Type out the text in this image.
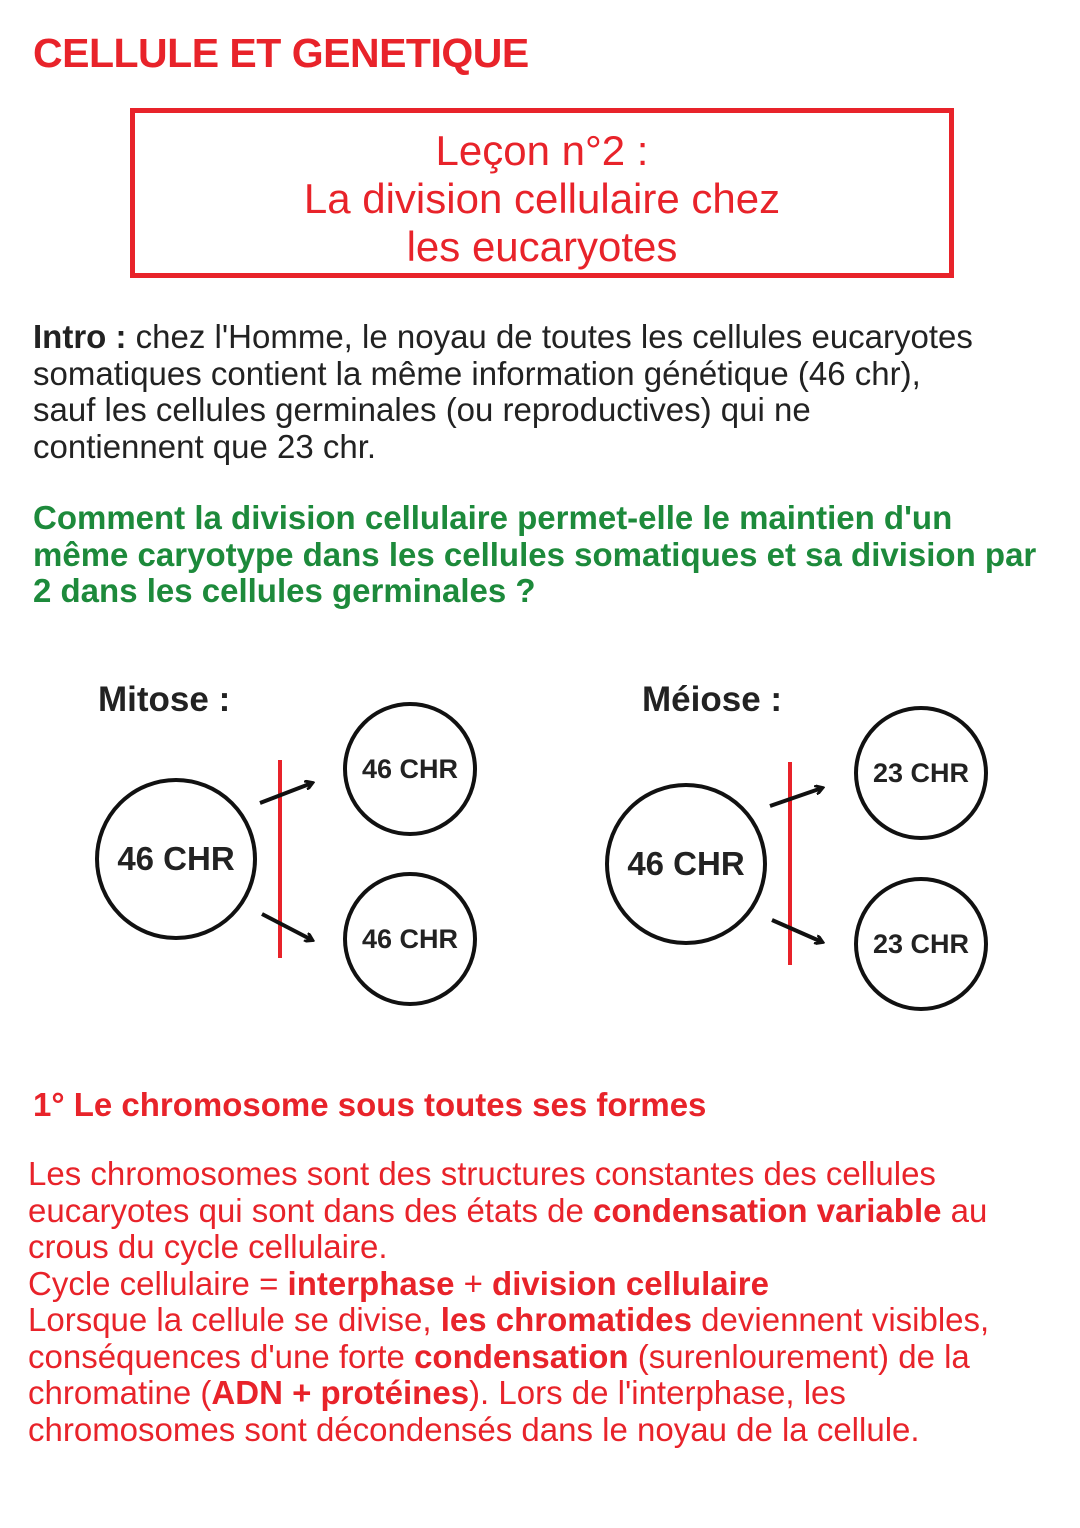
CELLULE ET GENETIQUE
Leçon n°2 :
La division cellulaire chez
les eucaryotes
Intro : chez l'Homme, le noyau de toutes les cellules eucaryotes
somatiques contient la même information génétique (46 chr),
sauf les cellules germinales (ou reproductives) qui ne
contiennent que 23 chr.
Comment la division cellulaire permet-elle le maintien d'un
même caryotype dans les cellules somatiques et sa division par
2 dans les cellules germinales ?
Mitose :	Méiose :
46 CHR
46 CHR
46 CHR
46 CHR
23 CHR
23 CHR
1° Le chromosome sous toutes ses formes
Les chromosomes sont des structures constantes des cellules
eucaryotes qui sont dans des états de condensation variable au
crous du cycle cellulaire.
Cycle cellulaire = interphase + division cellulaire
Lorsque la cellule se divise, les chromatides deviennent visibles,
conséquences d'une forte condensation (surenlourement) de la
chromatine (ADN + protéines). Lors de l'interphase, les
chromosomes sont décondensés dans le noyau de la cellule.
